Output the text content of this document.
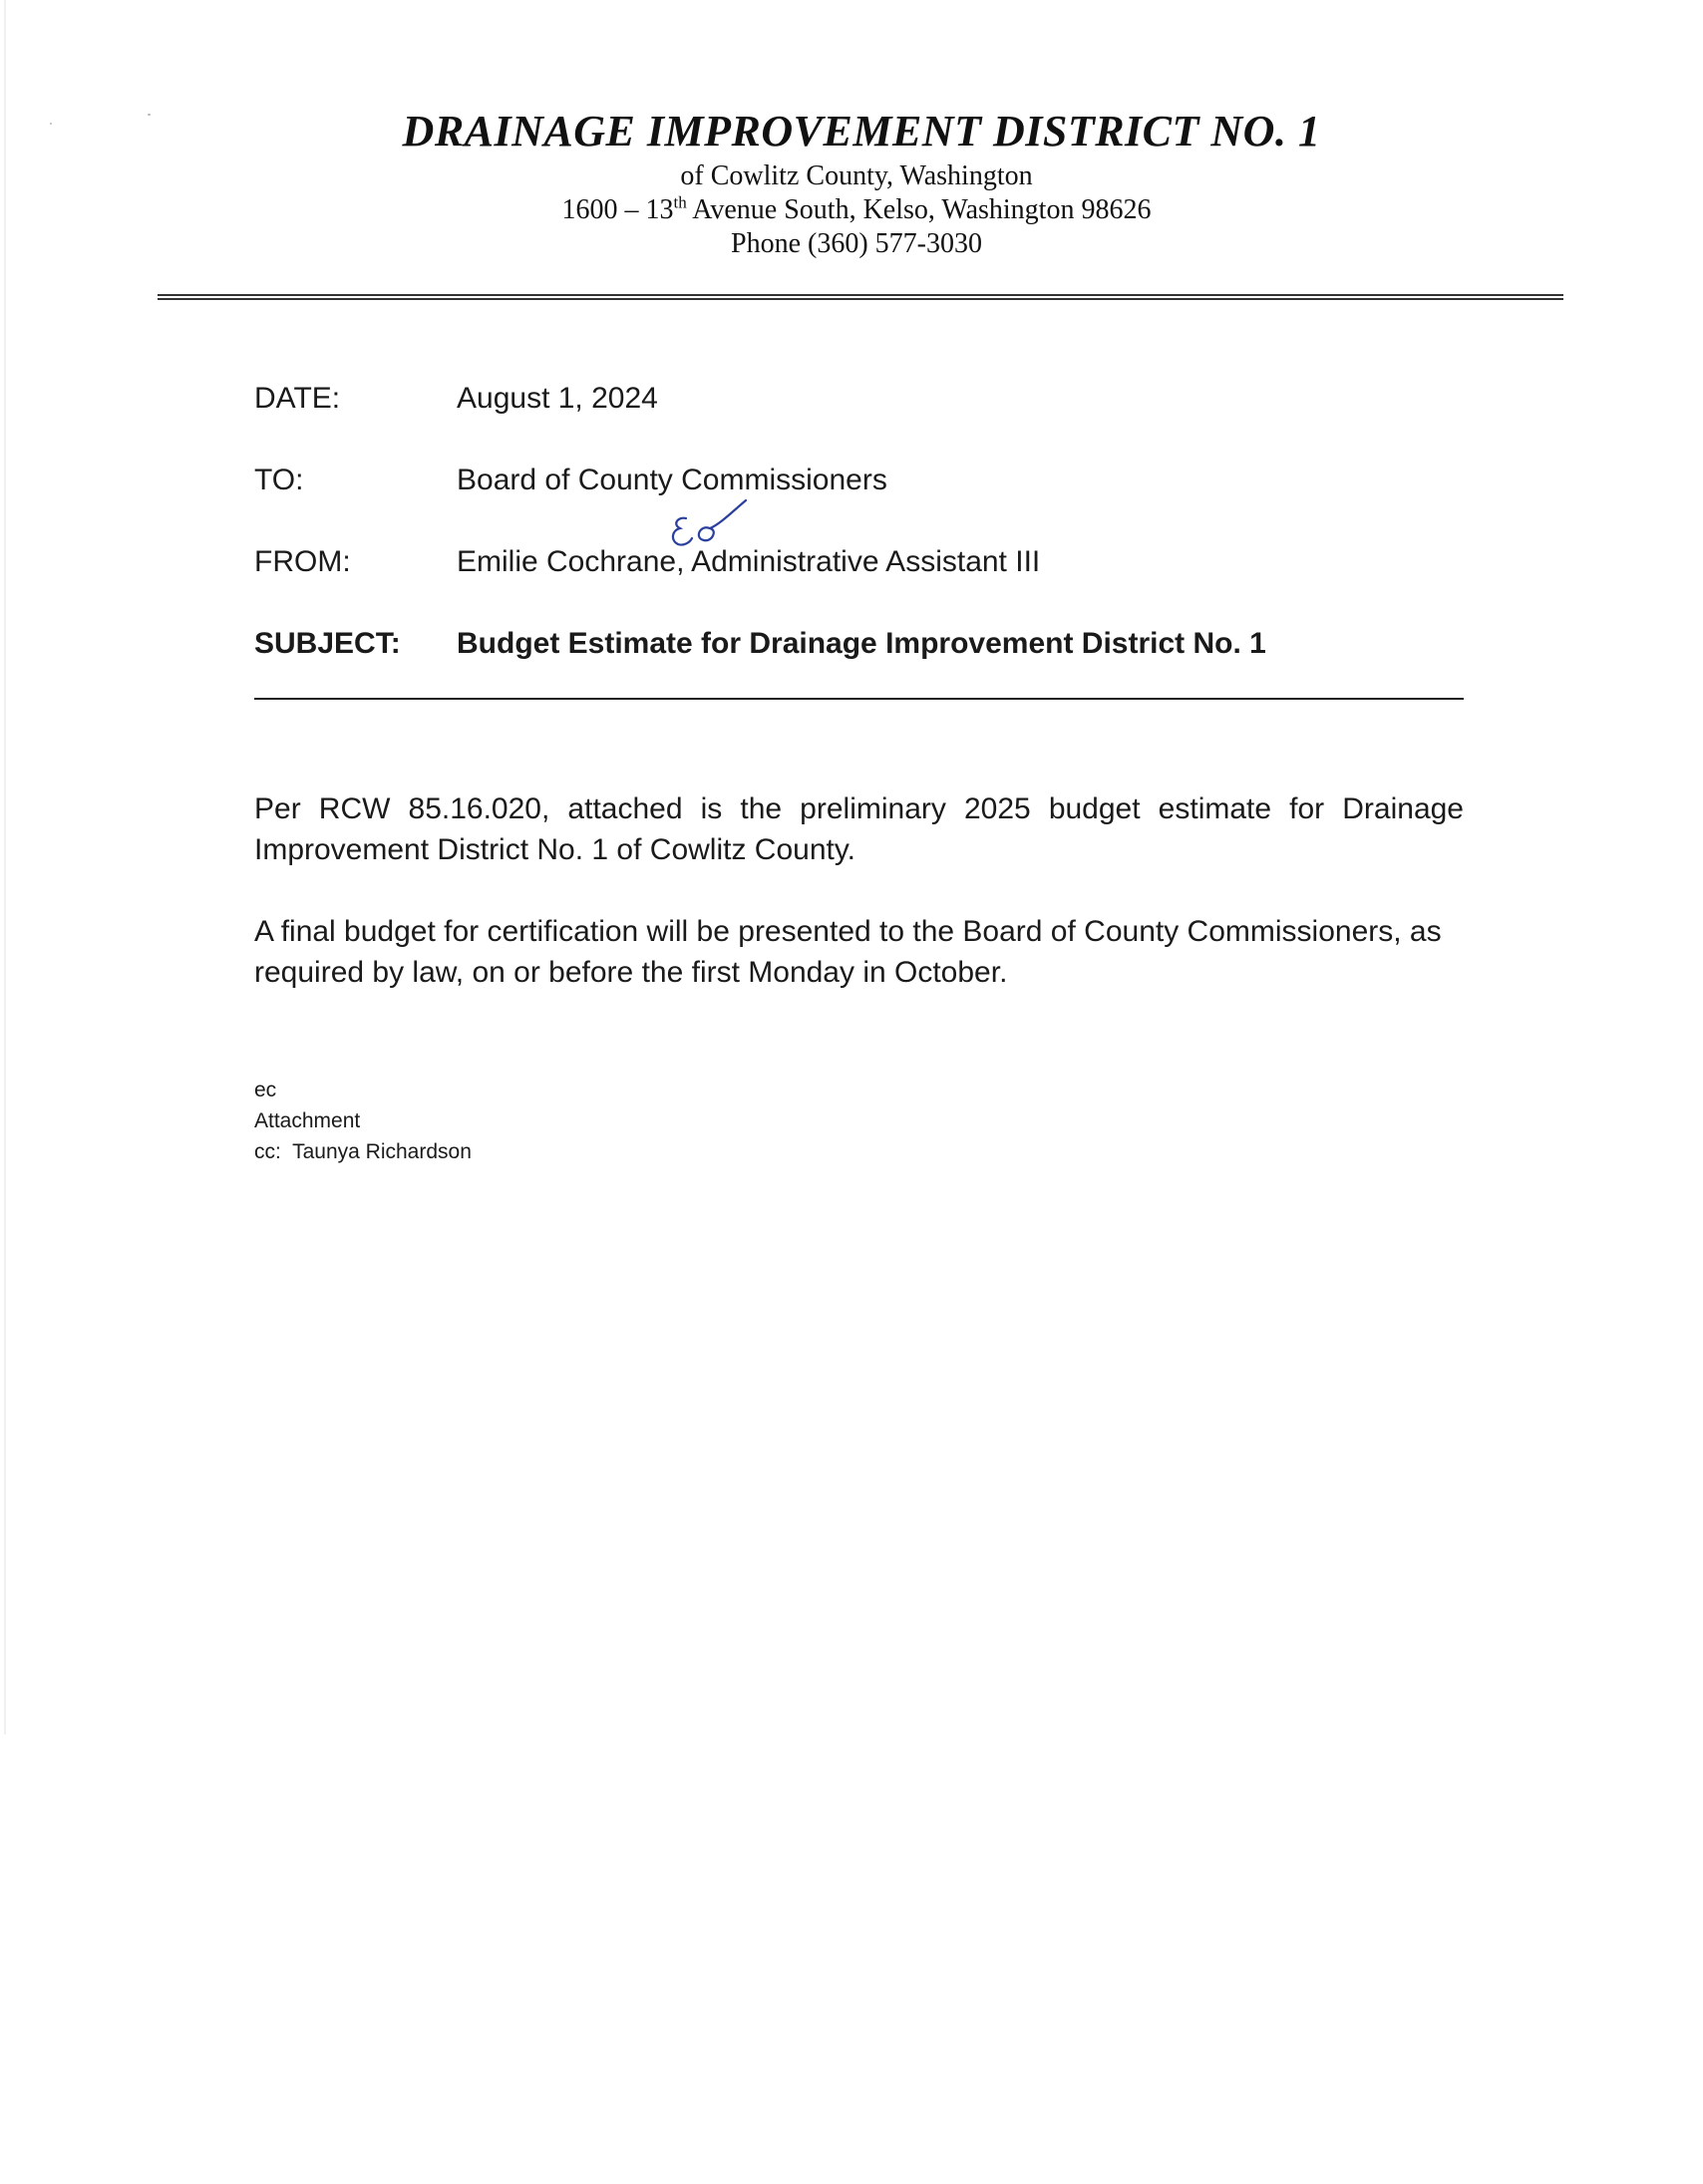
DRAINAGE IMPROVEMENT DISTRICT NO. 1

of Cowlitz County, Washington

1600 – 13th Avenue South, Kelso, Washington 98626

Phone (360) 577-3030

DATE:	August 1, 2024
TO:	Board of County Commissioners
FROM:	Emilie Cochrane, Administrative Assistant III
SUBJECT: Budget Estimate for Drainage Improvement District No. 1

Per RCW 85.16.020, attached is the preliminary 2025 budget estimate for Drainage Improvement District No. 1 of Cowlitz County.

A final budget for certification will be presented to the Board of County Commissioners, as required by law, on or before the first Monday in October.

ec
Attachment
cc:  Taunya Richardson
